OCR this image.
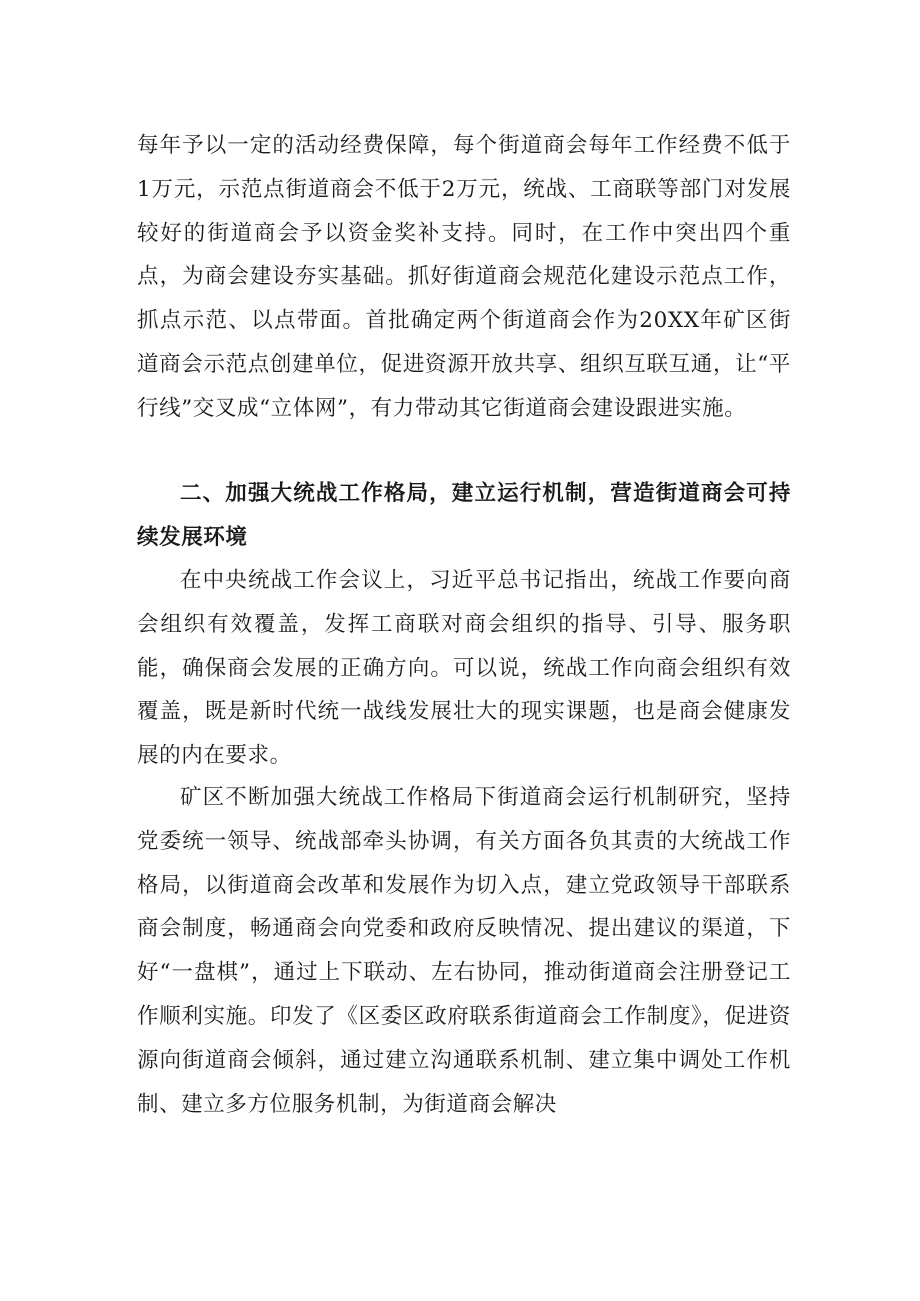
每年予以一定的活动经费保障，每个街道商会每年工作经费不低于1万元，示范点街道商会不低于2万元，统战、工商联等部门对发展较好的街道商会予以资金奖补支持。同时，在工作中突出四个重点，为商会建设夯实基础。抓好街道商会规范化建设示范点工作，抓点示范、以点带面。首批确定两个街道商会作为20XX年矿区街道商会示范点创建单位，促进资源开放共享、组织互联互通，让“平行线”交叉成“立体网”，有力带动其它街道商会建设跟进实施。

二、加强大统战工作格局，建立运行机制，营造街道商会可持续发展环境

在中央统战工作会议上，习近平总书记指出，统战工作要向商会组织有效覆盖，发挥工商联对商会组织的指导、引导、服务职能，确保商会发展的正确方向。可以说，统战工作向商会组织有效覆盖，既是新时代统一战线发展壮大的现实课题，也是商会健康发展的内在要求。

矿区不断加强大统战工作格局下街道商会运行机制研究，坚持党委统一领导、统战部牵头协调，有关方面各负其责的大统战工作格局，以街道商会改革和发展作为切入点，建立党政领导干部联系商会制度，畅通商会向党委和政府反映情况、提出建议的渠道，下好“一盘棋”，通过上下联动、左右协同，推动街道商会注册登记工作顺利实施。印发了《区委区政府联系街道商会工作制度》，促进资源向街道商会倾斜，通过建立沟通联系机制、建立集中调处工作机制、建立多方位服务机制，为街道商会解决
